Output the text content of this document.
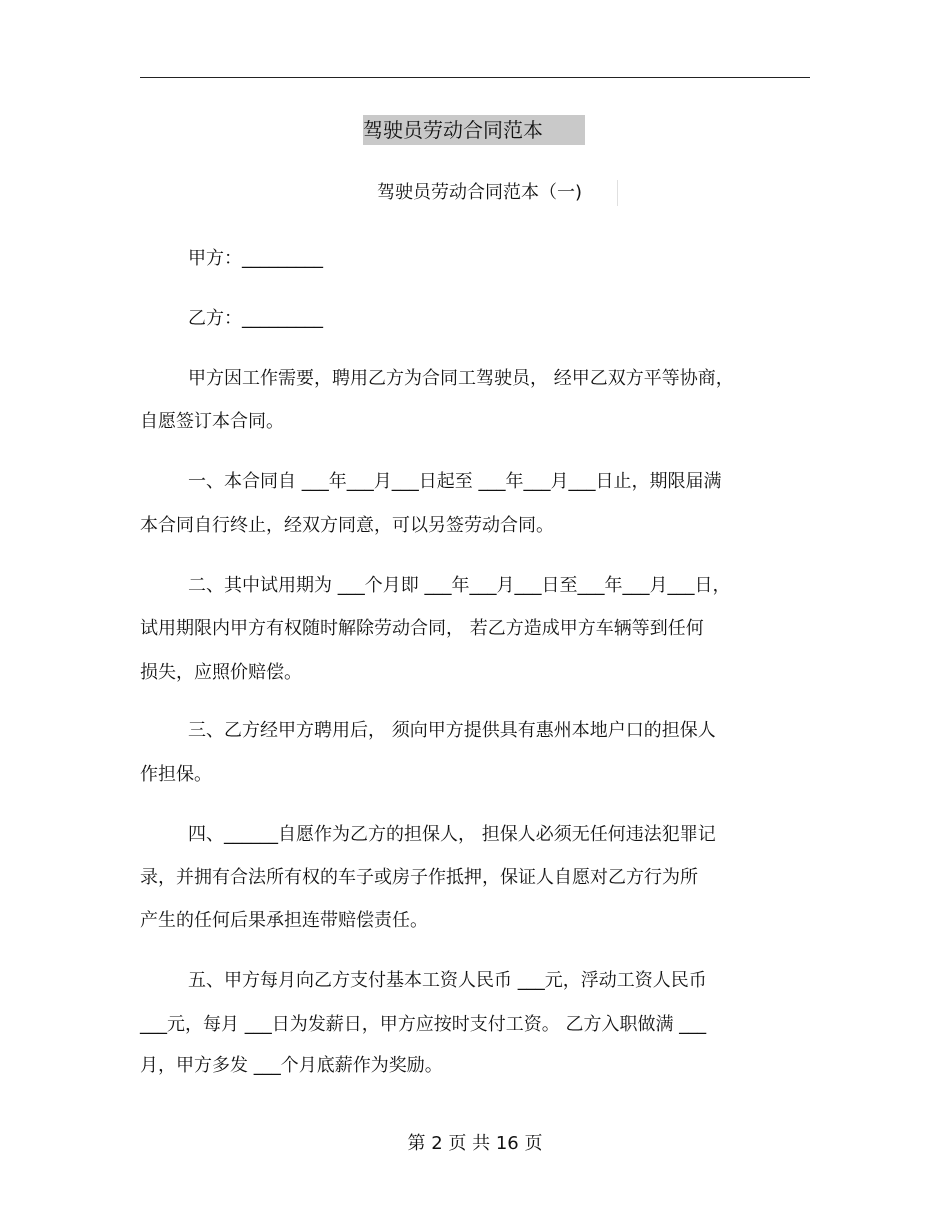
驾驶员劳动合同范本
驾驶员劳动合同范本（一)
甲方：_________
乙方：_________
甲方因工作需要，聘用乙方为合同工驾驶员， 经甲乙双方平等协商，
自愿签订本合同。
一、本合同自 ___年___月___日起至 ___年___月___日止，期限届满
本合同自行终止，经双方同意，可以另签劳动合同。
二、其中试用期为 ___个月即 ___年___月___日至___年___月___日，
试用期限内甲方有权随时解除劳动合同， 若乙方造成甲方车辆等到任何
损失，应照价赔偿。
三、乙方经甲方聘用后， 须向甲方提供具有惠州本地户口的担保人
作担保。
四、______自愿作为乙方的担保人， 担保人必须无任何违法犯罪记
录，并拥有合法所有权的车子或房子作抵押，保证人自愿对乙方行为所
产生的任何后果承担连带赔偿责任。
五、甲方每月向乙方支付基本工资人民币 ___元，浮动工资人民币
___元，每月 ___日为发薪日，甲方应按时支付工资。 乙方入职做满 ___
月，甲方多发 ___个月底薪作为奖励。
第 2 页 共 16 页
